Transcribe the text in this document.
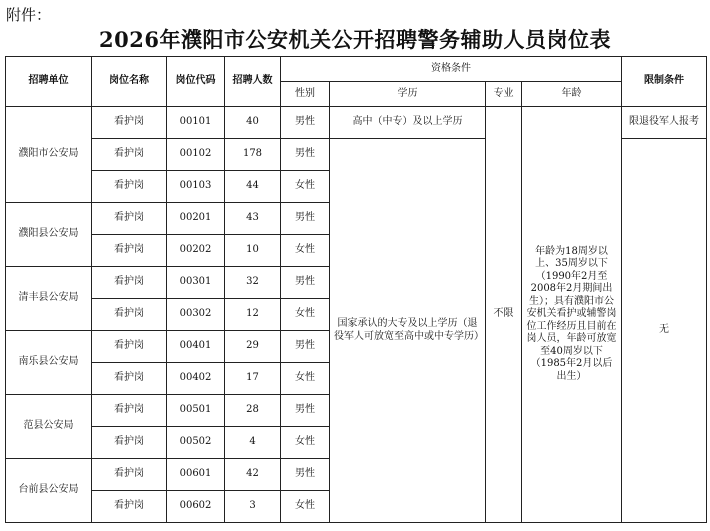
附件：
2026年濮阳市公安机关公开招聘警务辅助人员岗位表
招聘单位	岗位名称	岗位代码	招聘人数	资格条件				限制条件
				性别	学历	专业	年龄	
濮阳市公安局	看护岗	00101	40	男性	高中（中专）及以上学历	不限	年龄为18周岁以上、35周岁以下（1990年2月至2008年2月期间出生）；具有濮阳市公安机关看护或辅警岗位工作经历且目前在岗人员，年龄可放宽至40周岁以下（1985年2月以后出生）	限退役军人报考
	看护岗	00102	178	男性	国家承认的大专及以上学历（退役军人可放宽至高中或中专学历）			无
	看护岗	00103	44	女性				
濮阳县公安局	看护岗	00201	43	男性				
	看护岗	00202	10	女性				
清丰县公安局	看护岗	00301	32	男性				
	看护岗	00302	12	女性				
南乐县公安局	看护岗	00401	29	男性				
	看护岗	00402	17	女性				
范县公安局	看护岗	00501	28	男性				
	看护岗	00502	4	女性				
台前县公安局	看护岗	00601	42	男性				
	看护岗	00602	3	女性				
